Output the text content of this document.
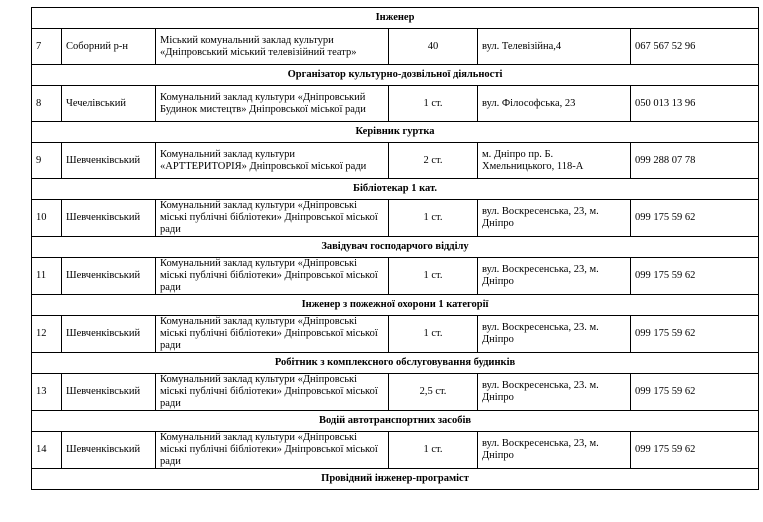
Інженер					
7	Соборний р-н	Міський комунальний заклад культури «Дніпровський міський телевізійний театр»	40	вул. Телевізійна,4	067 567 52 96
Організатор культурно-дозвільної діяльності					
8	Чечелівський	Комунальний заклад культури «Дніпровський Будинок мистецтв» Дніпровської міської ради	1 ст.	вул. Філософська, 23	050 013 13 96
Керівник гуртка					
9	Шевченківський	Комунальний заклад культури «АРТТЕРИТОРІЯ» Дніпровської міської ради	2 ст.	м. Дніпро пр. Б. Хмельницького, 118-А	099 288 07 78
Бібліотекар 1 кат.					
10	Шевченківський	Комунальний заклад культури «Дніпровські міські публічні бібліотеки» Дніпровської міської ради	1 ст.	вул. Воскресенська, 23, м. Дніпро	099 175 59 62
Завідувач господарчого відділу					
11	Шевченківський	Комунальний заклад культури «Дніпровські міські публічні бібліотеки» Дніпровської міської ради	1 ст.	вул. Воскресенська, 23, м. Дніпро	099 175 59 62
Інженер з пожежної охорони 1 категорії					
12	Шевченківський	Комунальний заклад культури «Дніпровські міські публічні бібліотеки» Дніпровської міської ради	1 ст.	вул. Воскресенська, 23. м. Дніпро	099 175 59 62
Робітник з комплексного обслуговування будинків					
13	Шевченківський	Комунальний заклад культури «Дніпровські міські публічні бібліотеки» Дніпровської міської ради	2,5 ст.	вул. Воскресенська, 23. м. Дніпро	099 175 59 62
Водій автотранспортних засобів					
14	Шевченківський	Комунальний заклад культури «Дніпровські міські публічні бібліотеки» Дніпровської міської ради	1 ст.	вул. Воскресенська, 23, м. Дніпро	099 175 59 62
Провідний інженер-програміст					
